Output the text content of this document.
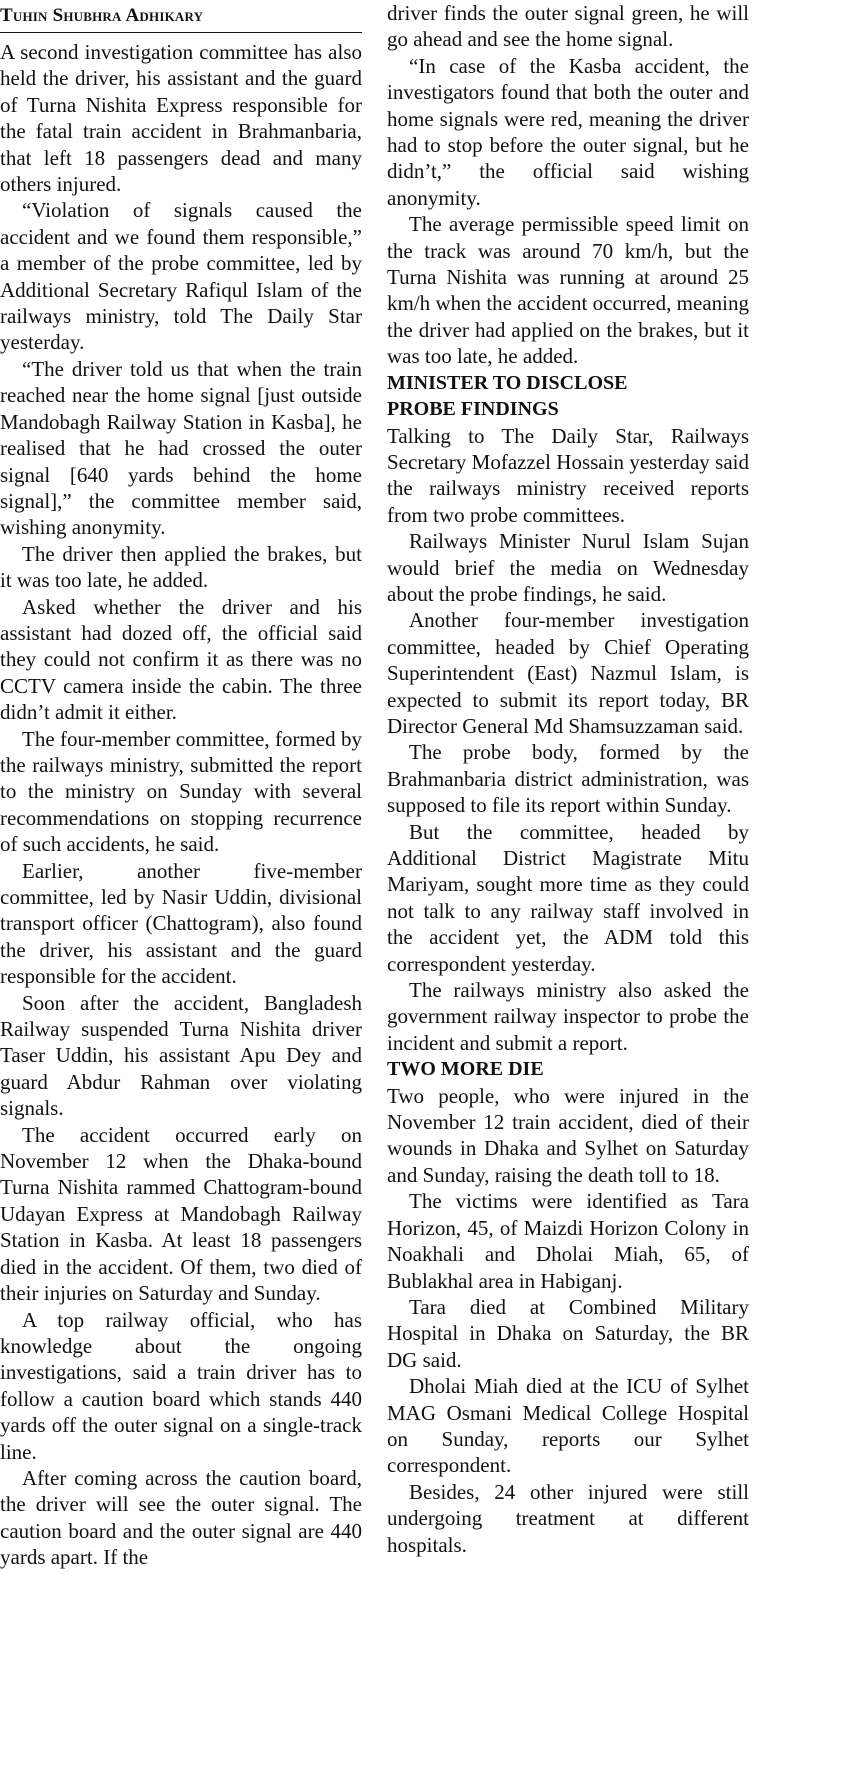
Tuhin Shubhra Adhikary

A second investigation committee has also held the driver, his assistant and the guard of Turna Nishita Express responsible for the fatal train accident in Brahmanbaria, that left 18 passengers dead and many others injured.

“Violation of signals caused the accident and we found them responsible,” a member of the probe committee, led by Additional Secretary Rafiqul Islam of the railways ministry, told The Daily Star yesterday.

“The driver told us that when the train reached near the home signal [just outside Mandobagh Railway Station in Kasba], he realised that he had crossed the outer signal [640 yards behind the home signal],” the committee member said, wishing anonymity.

The driver then applied the brakes, but it was too late, he added.

Asked whether the driver and his assistant had dozed off, the official said they could not confirm it as there was no CCTV camera inside the cabin. The three didn’t admit it either.

The four-member committee, formed by the railways ministry, submitted the report to the ministry on Sunday with several recommendations on stopping recurrence of such accidents, he said.

Earlier, another five-member committee, led by Nasir Uddin, divisional transport officer (Chattogram), also found the driver, his assistant and the guard responsible for the accident.

Soon after the accident, Bangladesh Railway suspended Turna Nishita driver Taser Uddin, his assistant Apu Dey and guard Abdur Rahman over violating signals.

The accident occurred early on November 12 when the Dhaka-bound Turna Nishita rammed Chattogram-bound Udayan Express at Mandobagh Railway Station in Kasba. At least 18 passengers died in the accident. Of them, two died of their injuries on Saturday and Sunday.

A top railway official, who has knowledge about the ongoing investigations, said a train driver has to follow a caution board which stands 440 yards off the outer signal on a single-track line.

After coming across the caution board, the driver will see the outer signal. The caution board and the outer signal are 440 yards apart. If the

driver finds the outer signal green, he will go ahead and see the home signal.

“In case of the Kasba accident, the investigators found that both the outer and home signals were red, meaning the driver had to stop before the outer signal, but he didn’t,” the official said wishing anonymity.

The average permissible speed limit on the track was around 70 km/h, but the Turna Nishita was running at around 25 km/h when the accident occurred, meaning the driver had applied on the brakes, but it was too late, he added.

MINISTER TO DISCLOSE
PROBE FINDINGS

Talking to The Daily Star, Railways Secretary Mofazzel Hossain yesterday said the railways ministry received reports from two probe committees.

Railways Minister Nurul Islam Sujan would brief the media on Wednesday about the probe findings, he said.

Another four-member investigation committee, headed by Chief Operating Superintendent (East) Nazmul Islam, is expected to submit its report today, BR Director General Md Shamsuzzaman said.

The probe body, formed by the Brahmanbaria district administration, was supposed to file its report within Sunday.

But the committee, headed by Additional District Magistrate Mitu Mariyam, sought more time as they could not talk to any railway staff involved in the accident yet, the ADM told this correspondent yesterday.

The railways ministry also asked the government railway inspector to probe the incident and submit a report.

TWO MORE DIE

Two people, who were injured in the November 12 train accident, died of their wounds in Dhaka and Sylhet on Saturday and Sunday, raising the death toll to 18.

The victims were identified as Tara Horizon, 45, of Maizdi Horizon Colony in Noakhali and Dholai Miah, 65, of Bublakhal area in Habiganj.

Tara died at Combined Military Hospital in Dhaka on Saturday, the BR DG said.

Dholai Miah died at the ICU of Sylhet MAG Osmani Medical College Hospital on Sunday, reports our Sylhet correspondent.

Besides, 24 other injured were still undergoing treatment at different hospitals.
